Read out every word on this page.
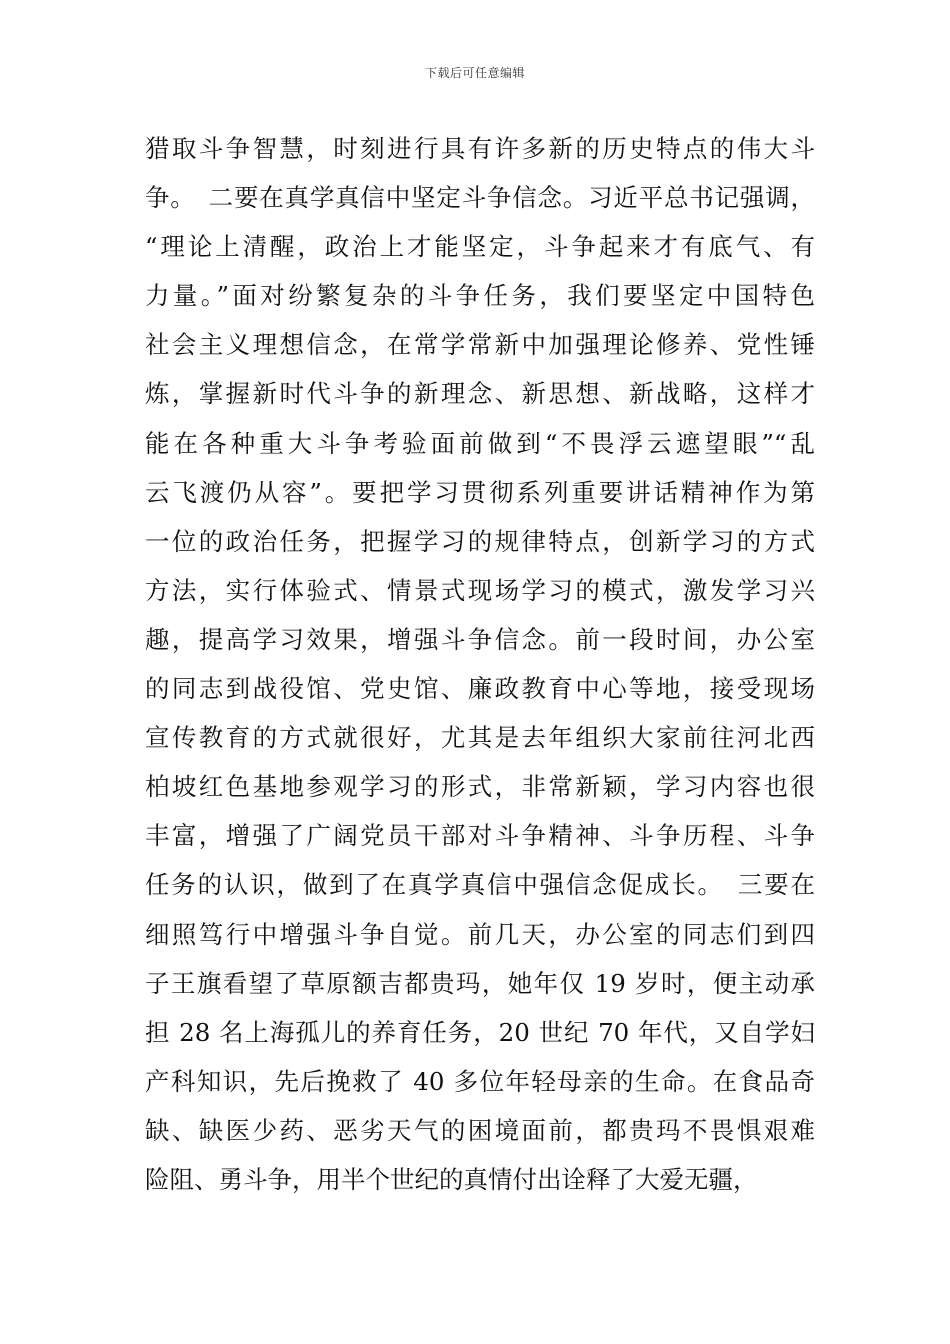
下载后可任意编辑
猎取斗争智慧，时刻进行具有许多新的历史特点的伟大斗
争。　二要在真学真信中坚定斗争信念。习近平总书记强调，
“理论上清醒，政治上才能坚定，斗争起来才有底气、有
力量。”面对纷繁复杂的斗争任务，我们要坚定中国特色
社会主义理想信念，在常学常新中加强理论修养、党性锤
炼，掌握新时代斗争的新理念、新思想、新战略，这样才
能在各种重大斗争考验面前做到“不畏浮云遮望眼”“乱
云飞渡仍从容”。要把学习贯彻系列重要讲话精神作为第
一位的政治任务，把握学习的规律特点，创新学习的方式
方法，实行体验式、情景式现场学习的模式，激发学习兴
趣，提高学习效果，增强斗争信念。前一段时间，办公室
的同志到战役馆、党史馆、廉政教育中心等地，接受现场
宣传教育的方式就很好，尤其是去年组织大家前往河北西
柏坡红色基地参观学习的形式，非常新颖，学习内容也很
丰富，增强了广阔党员干部对斗争精神、斗争历程、斗争
任务的认识，做到了在真学真信中强信念促成长。　三要在
细照笃行中增强斗争自觉。前几天，办公室的同志们到四
子王旗看望了草原额吉都贵玛，她年仅 19 岁时，便主动承
担 28 名上海孤儿的养育任务，20 世纪 70 年代，又自学妇
产科知识，先后挽救了 40 多位年轻母亲的生命。在食品奇
缺、缺医少药、恶劣天气的困境面前，都贵玛不畏惧艰难
险阻、勇斗争，用半个世纪的真情付出诠释了大爱无疆，
